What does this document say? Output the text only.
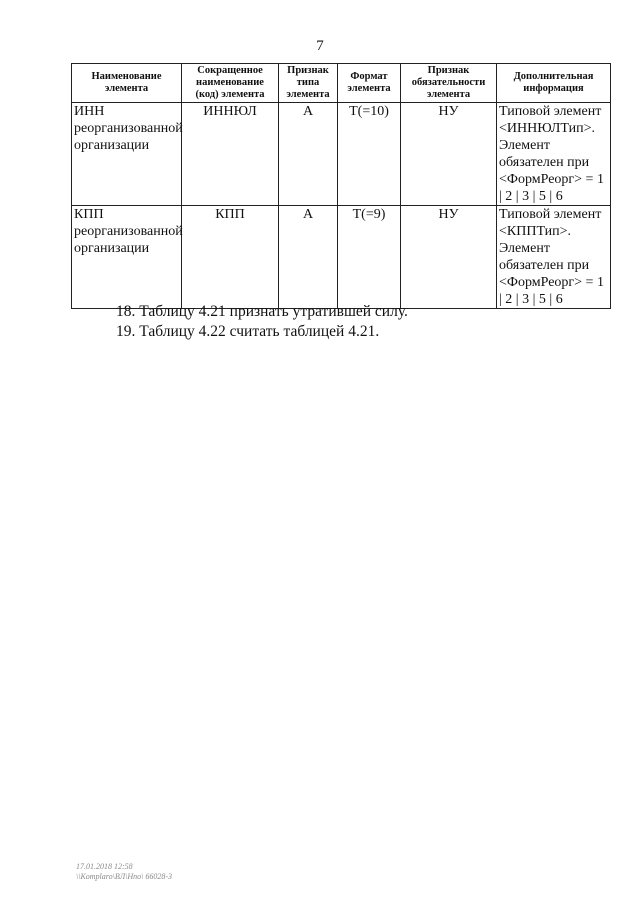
7
Наименование элемента	Сокращенное наименование (код) элемента	Признак типа элемента	Формат элемента	Признак обязательности элемента	Дополнительная информация
ИНН реорганизованной организации	ИННЮЛ	А	T(=10)	НУ	Типовой элемент <ИННЮЛТип>. Элемент обязателен при <ФормРеорг> = 1 | 2 | 3 | 5 | 6
КПП реорганизованной организации	КПП	А	T(=9)	НУ	Типовой элемент <КППТип>. Элемент обязателен при <ФормРеорг> = 1 | 2 | 3 | 5 | 6
18. Таблицу 4.21 признать утратившей силу.
19. Таблицу 4.22 считать таблицей 4.21.
17.01.2018 12:58
\\Komplaro\ВЛ\Нпо\ 66028-3
